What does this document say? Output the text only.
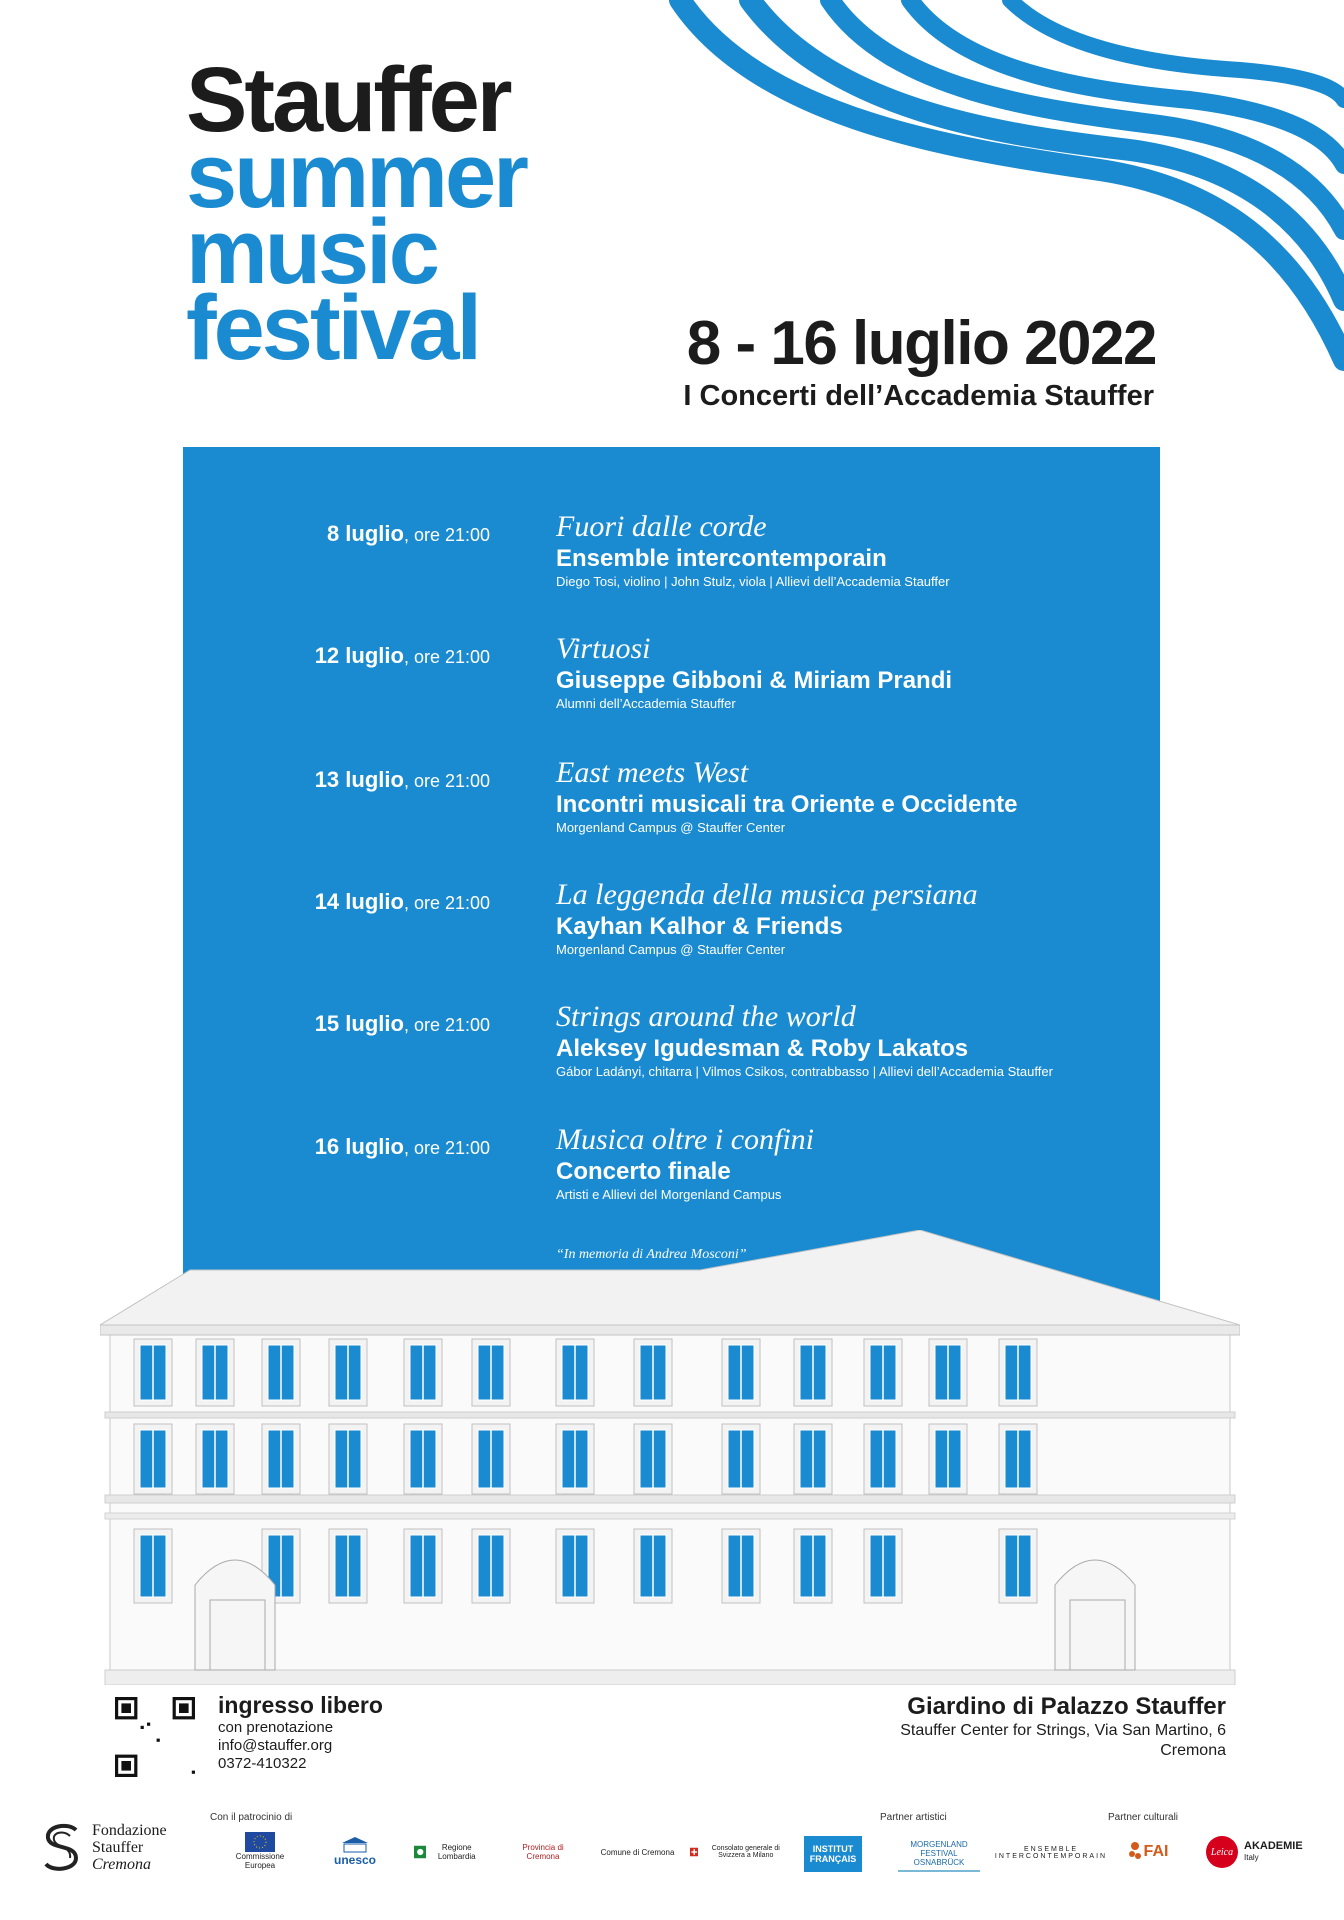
Stauffer
summer
music
festival	8 - 16 luglio 2022
I Concerti dell’Accademia Stauffer
8 luglio, ore 21:00 Fuori dalle corde
Ensemble intercontemporain
Diego Tosi, violino | John Stulz, viola | Allievi dell’Accademia Stauffer
12 luglio, ore 21:00 Virtuosi
Giuseppe Gibboni & Miriam Prandi
Alumni dell’Accademia Stauffer
13 luglio, ore 21:00 East meets West
Incontri musicali tra Oriente e Occidente
Morgenland Campus @ Stauffer Center
14 luglio, ore 21:00 La leggenda della musica persiana
Kayhan Kalhor & Friends
Morgenland Campus @ Stauffer Center
15 luglio, ore 21:00 Strings around the world
Aleksey Igudesman & Roby Lakatos
Gábor Ladányi, chitarra | Vilmos Csikos, contrabbasso | Allievi dell’Accademia Stauffer
16 luglio, ore 21:00 Musica oltre i confini
Concerto finale
Artisti e Allievi del Morgenland Campus
“In memoria di Andrea Mosconi”
ingresso libero
con prenotazione
info@stauffer.org
0372-410322
Giardino di Palazzo Stauffer
Stauffer Center for Strings, Via San Martino, 6
Cremona
Fondazione
Stauffer
Cremona
Con il patrocinio di	Partner artistici	Partner culturali
Commissione Europea	unesco
Regione Lombardia
Provincia di Cremona	Comune di Cremona	Consolato generale di Svizzera a Milano
INSTITUT FRANÇAIS
MORGENLAND FESTIVAL OSNABRÜCK
ENSEMBLE INTERCONTEMPORAIN FAI	Leica AKADEMIE
Italy
